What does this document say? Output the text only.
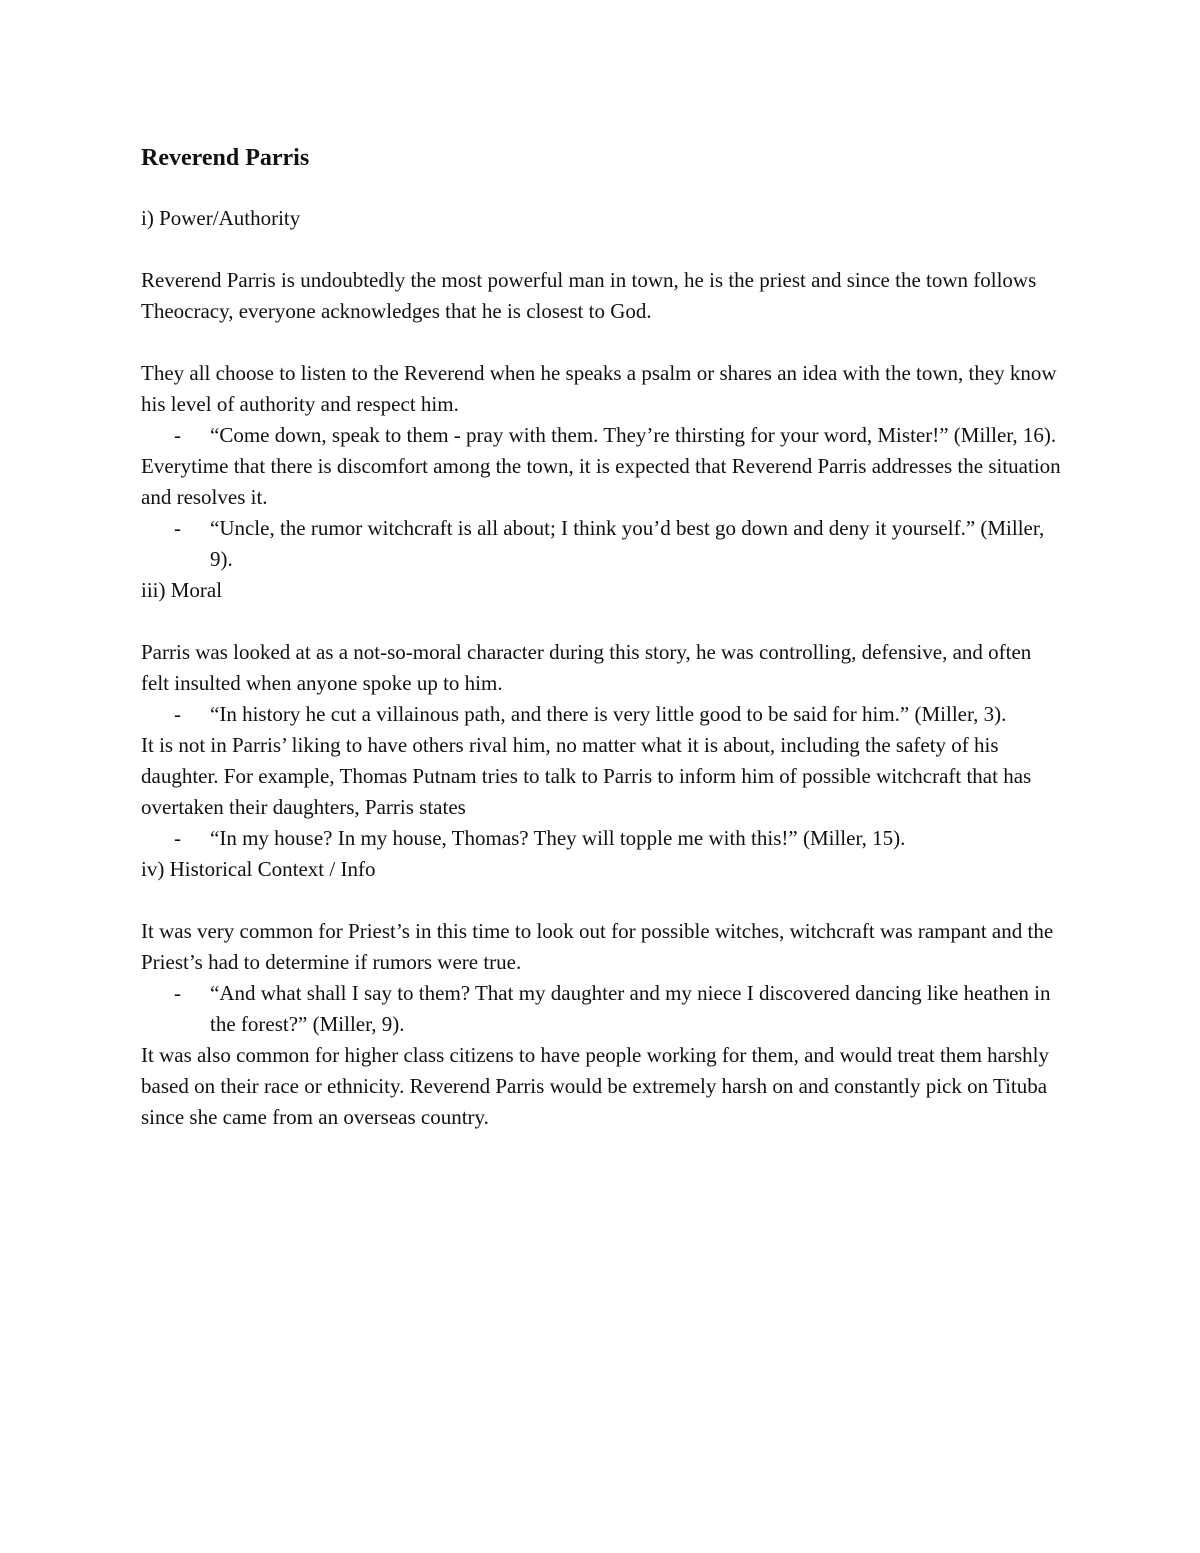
Reverend Parris
i) Power/Authority

Reverend Parris is undoubtedly the most powerful man in town, he is the priest and since the town follows Theocracy, everyone acknowledges that he is closest to God.

They all choose to listen to the Reverend when he speaks a psalm or shares an idea with the town, they know his level of authority and respect him.

- “Come down, speak to them - pray with them. They’re thirsting for your word, Mister!” (Miller, 16).

Everytime that there is discomfort among the town, it is expected that Reverend Parris addresses the situation and resolves it.

- “Uncle, the rumor witchcraft is all about; I think you’d best go down and deny it yourself.” (Miller, 9).
iii) Moral

Parris was looked at as a not-so-moral character during this story, he was controlling, defensive, and often felt insulted when anyone spoke up to him.

- “In history he cut a villainous path, and there is very little good to be said for him.” (Miller, 3).

It is not in Parris’ liking to have others rival him, no matter what it is about, including the safety of his daughter. For example, Thomas Putnam tries to talk to Parris to inform him of possible witchcraft that has overtaken their daughters, Parris states

- “In my house? In my house, Thomas? They will topple me with this!” (Miller, 15).
iv) Historical Context / Info

It was very common for Priest’s in this time to look out for possible witches, witchcraft was rampant and the Priest’s had to determine if rumors were true.

- “And what shall I say to them? That my daughter and my niece I discovered dancing like heathen in the forest?” (Miller, 9).

It was also common for higher class citizens to have people working for them, and would treat them harshly based on their race or ethnicity. Reverend Parris would be extremely harsh on and constantly pick on Tituba since she came from an overseas country.
